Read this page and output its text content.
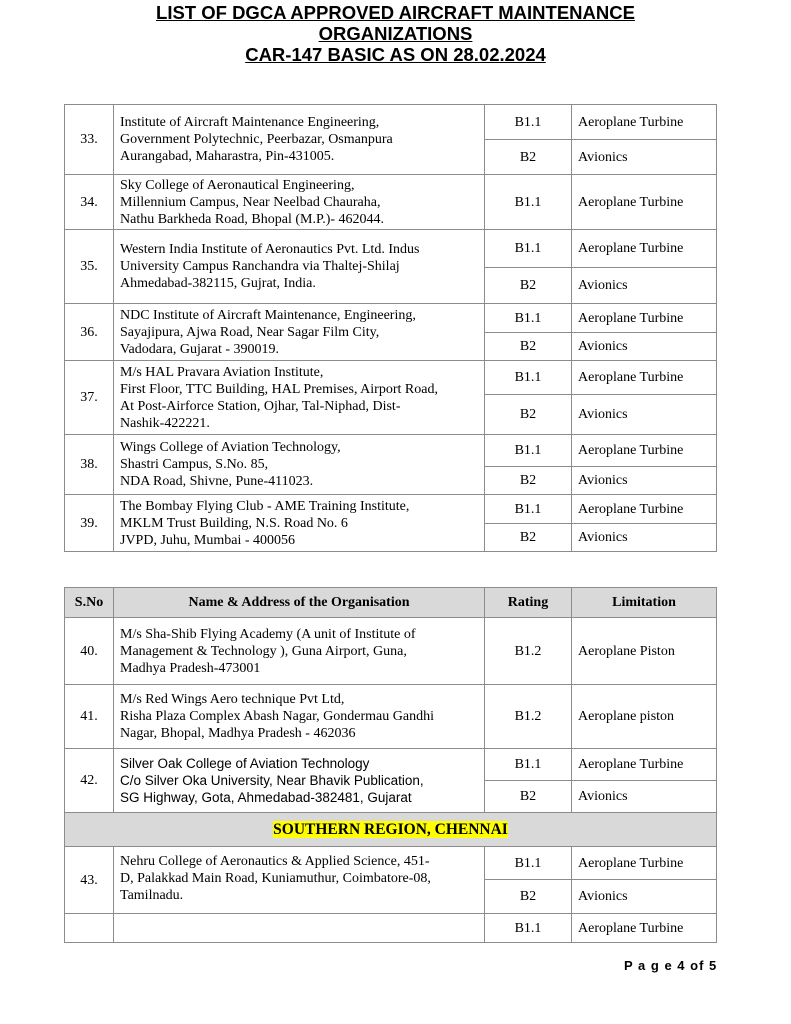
LIST OF DGCA APPROVED AIRCRAFT MAINTENANCE
ORGANIZATIONS
CAR-147 BASIC AS ON 28.02.2024
33.	Institute of Aircraft Maintenance Engineering,
Government Polytechnic, Peerbazar, Osmanpura
Aurangabad, Maharastra, Pin-431005.	B1.1	Aeroplane Turbine
		B2	Avionics
34.	Sky College of Aeronautical Engineering,
Millennium Campus, Near Neelbad Chauraha,
Nathu Barkheda Road, Bhopal (M.P.)- 462044.	B1.1	Aeroplane Turbine
35.	Western India Institute of Aeronautics Pvt. Ltd. Indus
University Campus Ranchandra via Thaltej-Shilaj
Ahmedabad-382115, Gujrat, India.	B1.1	Aeroplane Turbine
		B2	Avionics
36.	NDC Institute of Aircraft Maintenance, Engineering,
Sayajipura, Ajwa Road, Near Sagar Film City,
Vadodara, Gujarat - 390019.	B1.1	Aeroplane Turbine
		B2	Avionics
37.	M/s HAL Pravara Aviation Institute,
First Floor, TTC Building, HAL Premises, Airport Road,
At Post-Airforce Station, Ojhar, Tal-Niphad, Dist-
Nashik-422221.	B1.1	Aeroplane Turbine
		B2	Avionics
38.	Wings College of Aviation Technology,
Shastri Campus, S.No. 85,
NDA Road, Shivne, Pune-411023.	B1.1	Aeroplane Turbine
		B2	Avionics
39.	The Bombay Flying Club - AME Training Institute,
MKLM Trust Building, N.S. Road No. 6
JVPD, Juhu, Mumbai - 400056	B1.1	Aeroplane Turbine
		B2	Avionics
S.No	Name & Address of the Organisation	Rating	Limitation
40.	M/s Sha-Shib Flying Academy (A unit of Institute of
Management & Technology ), Guna Airport, Guna,
Madhya Pradesh-473001	B1.2	Aeroplane Piston
41.	M/s Red Wings Aero technique Pvt Ltd,
Risha Plaza Complex Abash Nagar, Gondermau Gandhi
Nagar, Bhopal, Madhya Pradesh - 462036	B1.2	Aeroplane piston
42.	Silver Oak College of Aviation Technology
C/o Silver Oka University, Near Bhavik Publication,
SG Highway, Gota, Ahmedabad-382481, Gujarat	B1.1	Aeroplane Turbine
		B2	Avionics
SOUTHERN REGION, CHENNAI			
43.	Nehru College of Aeronautics & Applied Science, 451-
D, Palakkad Main Road, Kuniamuthur, Coimbatore-08,
Tamilnadu.	B1.1	Aeroplane Turbine
		B2	Avionics
		B1.1	Aeroplane Turbine
P a g e 4 of 5
